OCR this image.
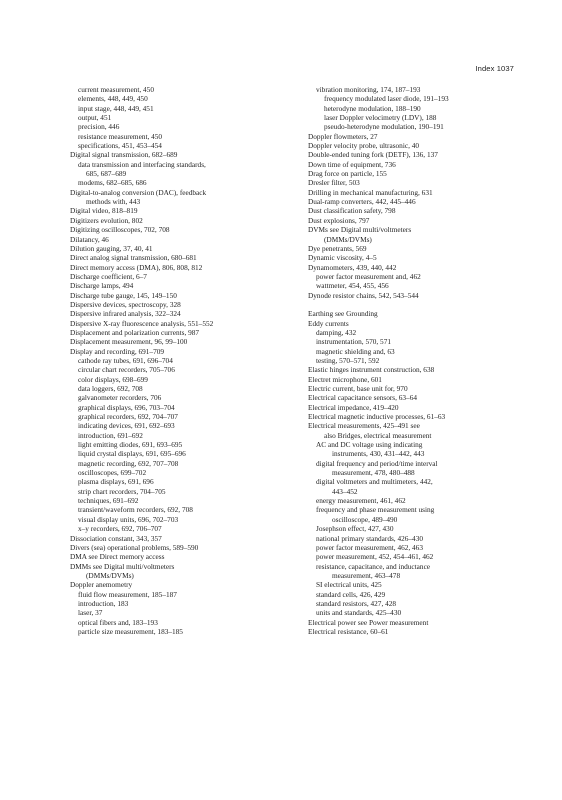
Index 1037
current measurement, 450
elements, 448, 449, 450
input stage, 448, 449, 451
output, 451
precision, 446
resistance measurement, 450
specifications, 451, 453–454
Digital signal transmission, 682–689
data transmission and interfacing standards,
685, 687–689
modems, 682–685, 686
Digital-to-analog conversion (DAC), feedback
methods with, 443
Digital video, 818–819
Digitizers evolution, 802
Digitizing oscilloscopes, 702, 708
Dilatancy, 46
Dilution gauging, 37, 40, 41
Direct analog signal transmission, 680–681
Direct memory access (DMA), 806, 808, 812
Discharge coefficient, 6–7
Discharge lamps, 494
Discharge tube gauge, 145, 149–150
Dispersive devices, spectroscopy, 328
Dispersive infrared analysis, 322–324
Dispersive X-ray fluorescence analysis, 551–552
Displacement and polarization currents, 987
Displacement measurement, 96, 99–100
Display and recording, 691–709
cathode ray tubes, 691, 696–704
circular chart recorders, 705–706
color displays, 698–699
data loggers, 692, 708
galvanometer recorders, 706
graphical displays, 696, 703–704
graphical recorders, 692, 704–707
indicating devices, 691, 692–693
introduction, 691–692
light emitting diodes, 691, 693–695
liquid crystal displays, 691, 695–696
magnetic recording, 692, 707–708
oscilloscopes, 699–702
plasma displays, 691, 696
strip chart recorders, 704–705
techniques, 691–692
transient/waveform recorders, 692, 708
visual display units, 696, 702–703
x–y recorders, 692, 706–707
Dissociation constant, 343, 357
Divers (sea) operational problems, 589–590
DMA see Direct memory access
DMMs see Digital multi/voltmeters
(DMMs/DVMs)
Doppler anemometry
fluid flow measurement, 185–187
introduction, 183
laser, 37
optical fibers and, 183–193
particle size measurement, 183–185
vibration monitoring, 174, 187–193
frequency modulated laser diode, 191–193
heterodyne modulation, 188–190
laser Doppler velocimetry (LDV), 188
pseudo-heterodyne modulation, 190–191
Doppler flowmeters, 27
Doppler velocity probe, ultrasonic, 40
Double-ended tuning fork (DETF), 136, 137
Down time of equipment, 736
Drag force on particle, 155
Dresler filter, 503
Drilling in mechanical manufacturing, 631
Dual-ramp converters, 442, 445–446
Dust classification safety, 798
Dust explosions, 797
DVMs see Digital multi/voltmeters
(DMMs/DVMs)
Dye penetrants, 569
Dynamic viscosity, 4–5
Dynamometers, 439, 440, 442
power factor measurement and, 462
wattmeter, 454, 455, 456
Dynode resistor chains, 542, 543–544
Earthing see Grounding
Eddy currents
damping, 432
instrumentation, 570, 571
magnetic shielding and, 63
testing, 570–571, 592
Elastic hinges instrument construction, 638
Electret microphone, 601
Electric current, base unit for, 970
Electrical capacitance sensors, 63–64
Electrical impedance, 419–420
Electrical magnetic inductive processes, 61–63
Electrical measurements, 425–491 see
also Bridges, electrical measurement
AC and DC voltage using indicating
instruments, 430, 431–442, 443
digital frequency and period/time interval
measurement, 478, 480–488
digital voltmeters and multimeters, 442,
443–452
energy measurement, 461, 462
frequency and phase measurement using
oscilloscope, 489–490
Josephson effect, 427, 430
national primary standards, 426–430
power factor measurement, 462, 463
power measurement, 452, 454–461, 462
resistance, capacitance, and inductance
measurement, 463–478
SI electrical units, 425
standard cells, 426, 429
standard resistors, 427, 428
units and standards, 425–430
Electrical power see Power measurement
Electrical resistance, 60–61
